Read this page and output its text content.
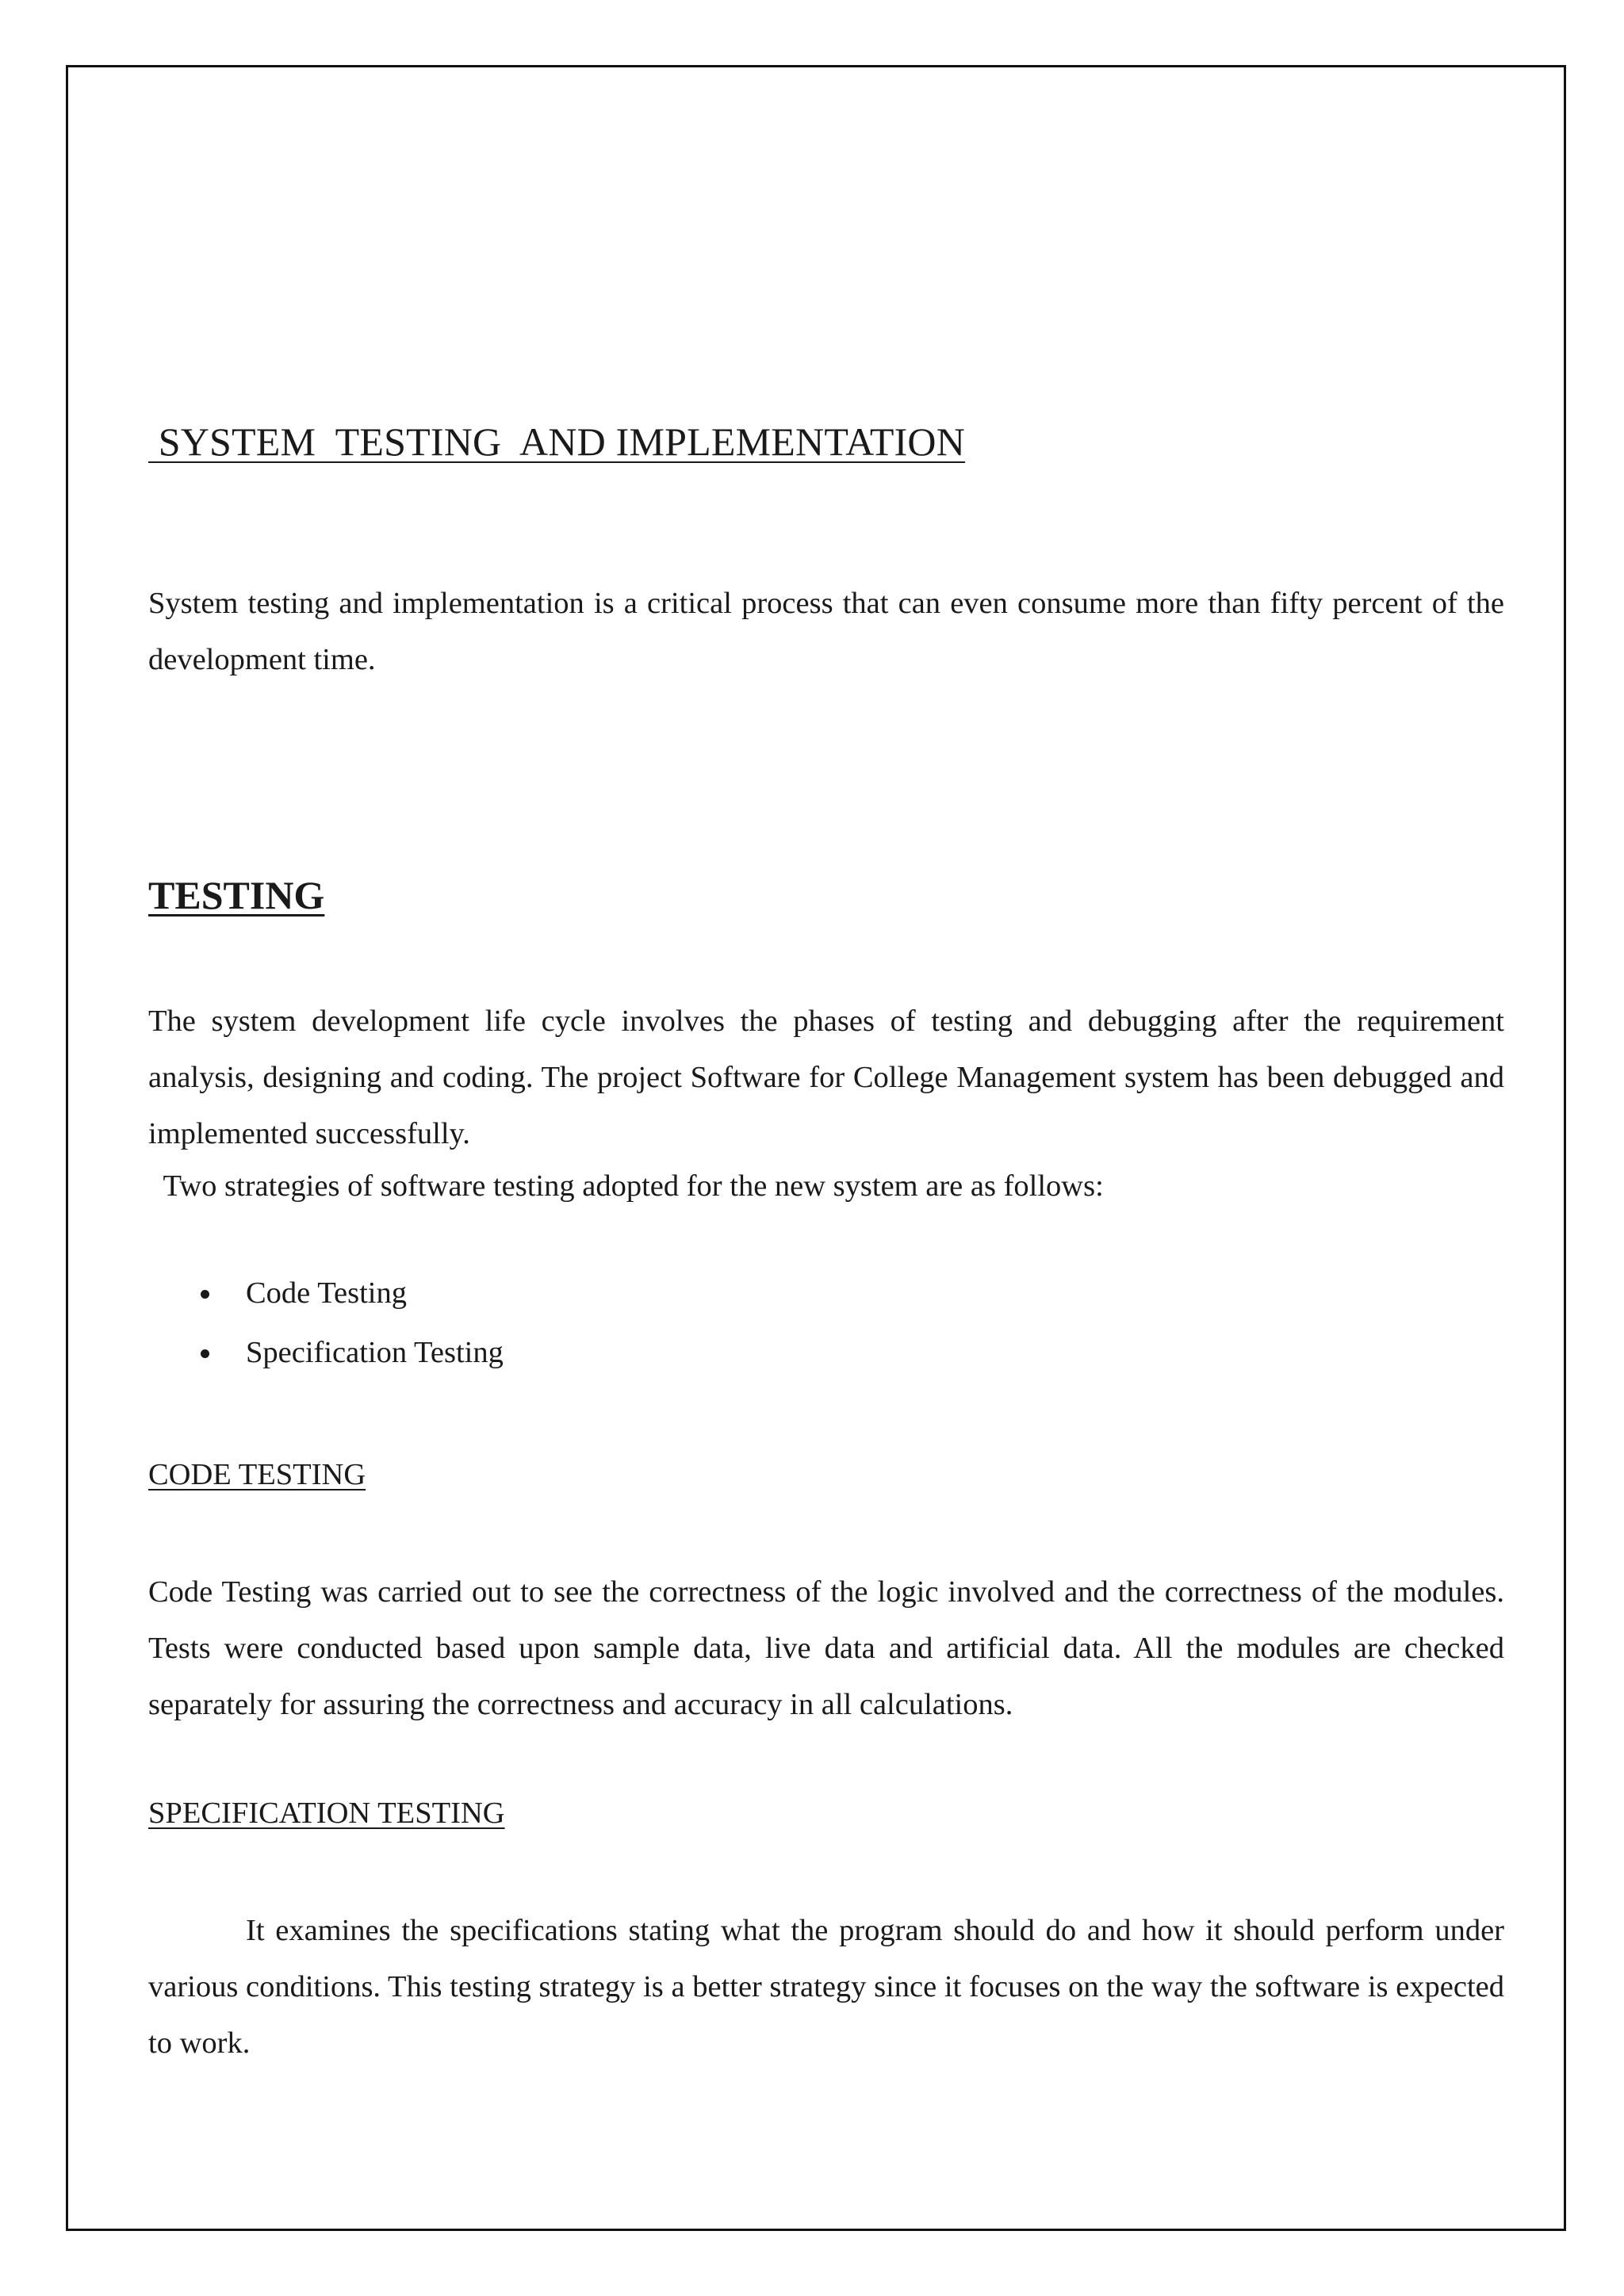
SYSTEM  TESTING  AND IMPLEMENTATION

System testing and implementation is a critical process that can even consume more than fifty percent of the development time.

TESTING

The system development life cycle involves the phases of testing and debugging after the requirement analysis, designing and coding. The project Software for College Management system has been debugged and implemented successfully.

Two strategies of software testing adopted for the new system are as follows:
Code Testing
Specification Testing
CODE TESTING

Code Testing was carried out to see the correctness of the logic involved and the correctness of the modules. Tests were conducted based upon sample data, live data and artificial data. All the modules are checked separately for assuring the correctness and accuracy in all calculations.

SPECIFICATION TESTING

It examines the specifications stating what the program should do and how it should perform under various conditions. This testing strategy is a better strategy since it focuses on the way the software is expected to work.
